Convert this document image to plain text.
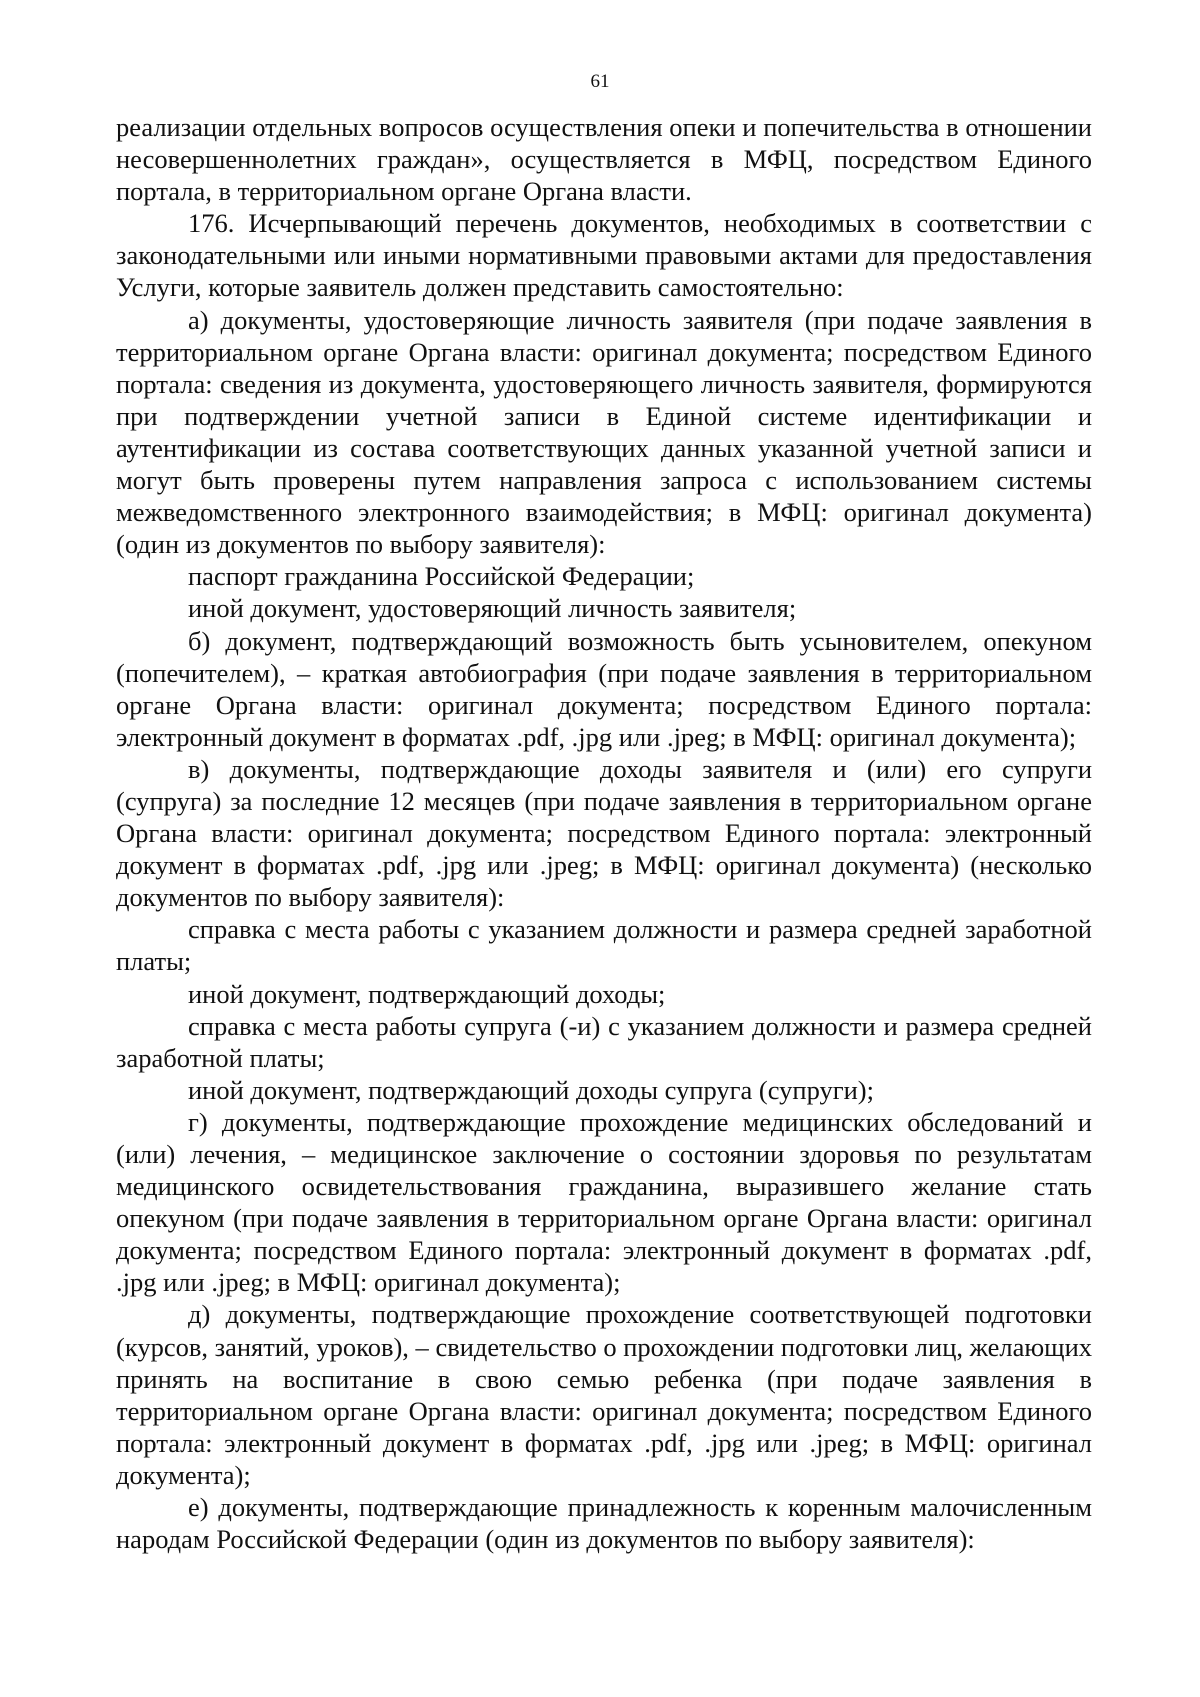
61

реализации отдельных вопросов осуществления опеки и попечительства в отношении несовершеннолетних граждан», осуществляется в МФЦ, посредством Единого портала, в территориальном органе Органа власти.

176. Исчерпывающий перечень документов, необходимых в соответствии с законодательными или иными нормативными правовыми актами для предоставления Услуги, которые заявитель должен представить самостоятельно:

а) документы, удостоверяющие личность заявителя (при подаче заявления в территориальном органе Органа власти: оригинал документа; посредством Единого портала: сведения из документа, удостоверяющего личность заявителя, формируются при подтверждении учетной записи в Единой системе идентификации и аутентификации из состава соответствующих данных указанной учетной записи и могут быть проверены путем направления запроса с использованием системы межведомственного электронного взаимодействия; в МФЦ: оригинал документа) (один из документов по выбору заявителя):

паспорт гражданина Российской Федерации;

иной документ, удостоверяющий личность заявителя;

б) документ, подтверждающий возможность быть усыновителем, опекуном (попечителем), – краткая автобиография (при подаче заявления в территориальном органе Органа власти: оригинал документа; посредством Единого портала: электронный документ в форматах .pdf, .jpg или .jpeg; в МФЦ: оригинал документа);

в) документы, подтверждающие доходы заявителя и (или) его супруги (супруга) за последние 12 месяцев (при подаче заявления в территориальном органе Органа власти: оригинал документа; посредством Единого портала: электронный документ в форматах .pdf, .jpg или .jpeg; в МФЦ: оригинал документа) (несколько документов по выбору заявителя):

справка с места работы с указанием должности и размера средней заработной платы;

иной документ, подтверждающий доходы;

справка с места работы супруга (-и) с указанием должности и размера средней заработной платы;

иной документ, подтверждающий доходы супруга (супруги);

г) документы, подтверждающие прохождение медицинских обследований и (или) лечения, – медицинское заключение о состоянии здоровья по результатам медицинского освидетельствования гражданина, выразившего желание стать опекуном (при подаче заявления в территориальном органе Органа власти: оригинал документа; посредством Единого портала: электронный документ в форматах .pdf, .jpg или .jpeg; в МФЦ: оригинал документа);

д) документы, подтверждающие прохождение соответствующей подготовки (курсов, занятий, уроков), – свидетельство о прохождении подготовки лиц, желающих принять на воспитание в свою семью ребенка (при подаче заявления в территориальном органе Органа власти: оригинал документа; посредством Единого портала: электронный документ в форматах .pdf, .jpg или .jpeg; в МФЦ: оригинал документа);

е) документы, подтверждающие принадлежность к коренным малочисленным народам Российской Федерации (один из документов по выбору заявителя):
